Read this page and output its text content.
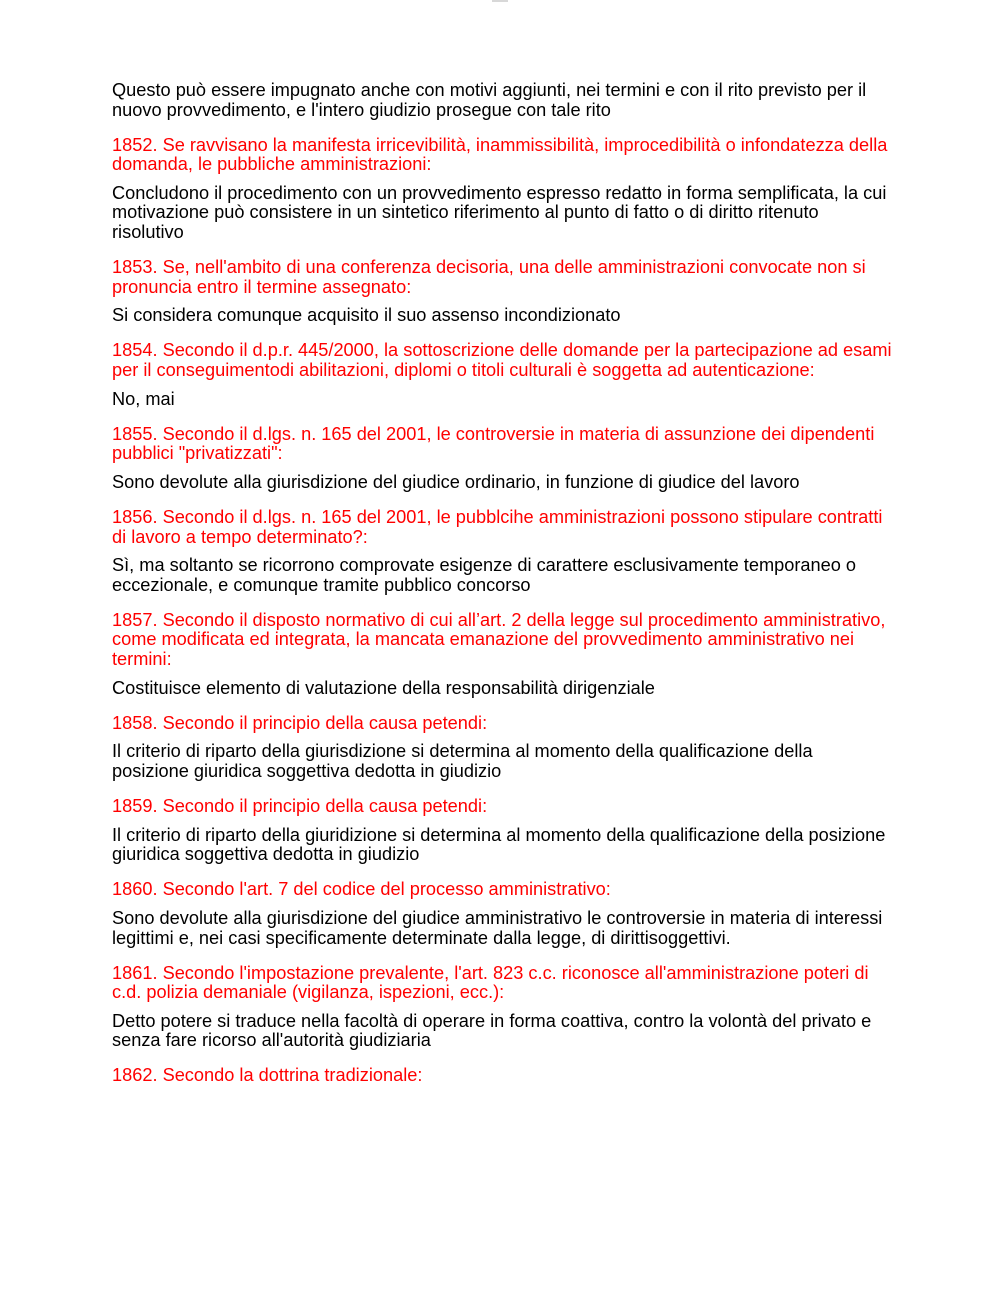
Questo può essere impugnato anche con motivi aggiunti, nei termini e con il rito previsto per il nuovo provvedimento, e l'intero giudizio prosegue con tale rito

1852. Se ravvisano la manifesta irricevibilità, inammissibilità, improcedibilità o infondatezza della domanda, le pubbliche amministrazioni:

Concludono il procedimento con un provvedimento espresso redatto in forma semplificata, la cui motivazione può consistere in un sintetico riferimento al punto di fatto o di diritto ritenuto risolutivo

1853. Se, nell'ambito di una conferenza decisoria, una delle amministrazioni convocate non si pronuncia entro il termine assegnato:

Si considera comunque acquisito il suo assenso incondizionato

1854. Secondo il d.p.r. 445/2000, la sottoscrizione delle domande per la partecipazione ad esami per il conseguimentodi abilitazioni, diplomi o titoli culturali è soggetta ad autenticazione:

No, mai

1855. Secondo il d.lgs. n. 165 del 2001, le controversie in materia di assunzione dei dipendenti pubblici "privatizzati":

Sono devolute alla giurisdizione del giudice ordinario, in funzione di giudice del lavoro

1856. Secondo il d.lgs. n. 165 del 2001, le pubblcihe amministrazioni possono stipulare contratti di lavoro a tempo determinato?:

Sì, ma soltanto se ricorrono comprovate esigenze di carattere esclusivamente temporaneo o eccezionale, e comunque tramite pubblico concorso

1857. Secondo il disposto normativo di cui all’art. 2 della legge sul procedimento amministrativo, come modificata ed integrata, la mancata emanazione del provvedimento amministrativo nei termini:

Costituisce elemento di valutazione della responsabilità dirigenziale

1858. Secondo il principio della causa petendi:

Il criterio di riparto della giurisdizione si determina al momento della qualificazione della posizione giuridica soggettiva dedotta in giudizio

1859. Secondo il principio della causa petendi:

Il criterio di riparto della giuridizione si determina al momento della qualificazione della posizione giuridica soggettiva dedotta in giudizio

1860. Secondo l'art. 7 del codice del processo amministrativo:

Sono devolute alla giurisdizione del giudice amministrativo le controversie in materia di interessi legittimi e, nei casi specificamente determinate dalla legge, di dirittisoggettivi.

1861. Secondo l'impostazione prevalente, l'art. 823 c.c. riconosce all'amministrazione poteri di c.d. polizia demaniale (vigilanza, ispezioni, ecc.):

Detto potere si traduce nella facoltà di operare in forma coattiva, contro la volontà del privato e senza fare ricorso all'autorità giudiziaria

1862. Secondo la dottrina tradizionale:
